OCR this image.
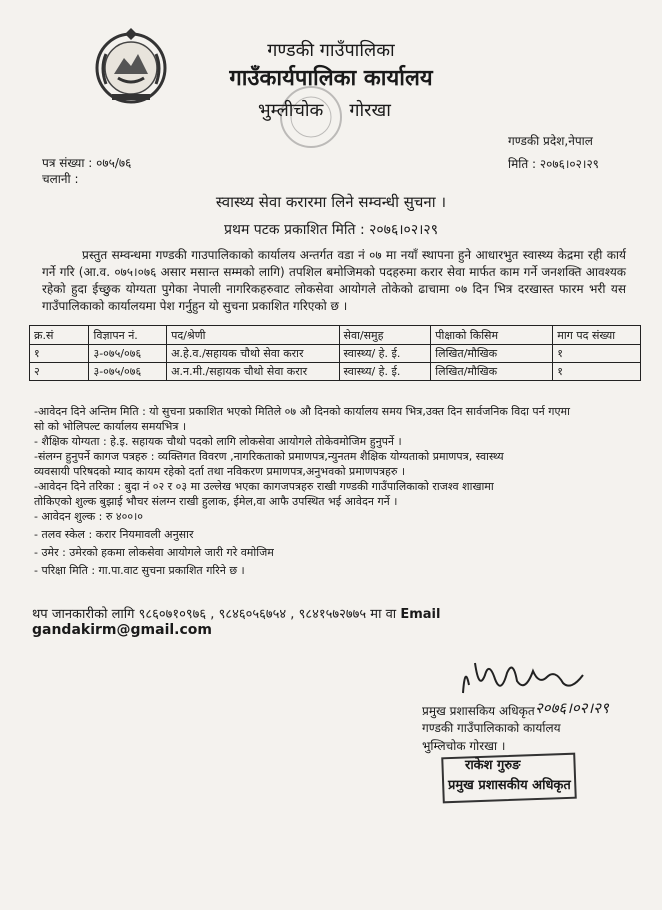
गण्डकी गाउँपालिका
गाउँकार्यपालिका कार्यालय
भुम्लीचोक गोरखा
गण्डकी प्रदेश,नेपाल
मिति : २०७६।०२।२९
पत्र संख्या : ०७५/७६
चलानी :
स्वास्थ्य सेवा करारमा लिने सम्वन्धी सुचना ।
प्रथम पटक प्रकाशित मिति : २०७६।०२।२९
प्रस्तुत सम्वन्धमा गण्डकी गाउपालिकाको कार्यालय अन्तर्गत वडा नं ०७ मा नयाँ स्थापना हुने आधारभुत स्वास्थ्य केद्रमा रही कार्य गर्ने गरि (आ.व. ०७५।०७६ असार मसान्त सम्मको लागि) तपशिल बमोजिमको पदहरुमा करार सेवा मार्फत काम गर्ने जनशक्ति आवश्यक रहेको हुदा ईच्छुक योग्यता पुगेका नेपाली नागरिकहरुवाट लोकसेवा आयोगले तोकेको ढाचामा ०७ दिन भित्र दरखास्त फारम भरी यस गाउँपालिकाको कार्यालयमा पेश गर्नुहुन यो सुचना प्रकाशित गरिएको छ ।
क्र.सं	विज्ञापन नं.	पद/श्रेणी	सेवा/समुह	पीक्षाको किसिम	माग पद संख्या
१	३-०७५/०७६	अ.हे.व./सहायक चौथो सेवा करार	स्वास्थ्य/ हे. ई.	लिखित/मौखिक	१
२	३-०७५/०७६	अ.न.मी./सहायक चौथो सेवा करार	स्वास्थ्य/ हे. ई.	लिखित/मौखिक	१
-आवेदन दिने अन्तिम मिति : यो सुचना प्रकाशित भएको मितिले ०७ औ दिनको कार्यालय समय भित्र,उक्त दिन सार्वजनिक विदा पर्न गएमा
सो को भोलिपल्ट कार्यालय समयभित्र ।
- शैक्षिक योग्यता : हे.इ. सहायक चौथो पदको लागि लोकसेवा आयोगले तोकेवमोजिम हुनुपर्ने ।
-संलग्न हुनुपर्ने कागज पत्रहरु : व्यक्तिगत विवरण ,नागरिकताको प्रमाणपत्र,न्युनतम शैक्षिक योग्यताको प्रमाणपत्र, स्वास्थ्य
व्यवसायी परिषदको म्याद कायम रहेको दर्ता तथा नविकरण प्रमाणपत्र,अनुभवको प्रमाणपत्रहरु ।
-आवेदन दिने तरिका : बुदा नं ०२ र ०३ मा उल्लेख भएका कागजपत्रहरु राखी गण्डकी गाउँपालिकाको राजश्व शाखामा
तोकिएको शुल्क बुझाई भौचर संलग्न राखी हुलाक, ईमेल,वा आफै उपस्थित भई आवेदन गर्ने ।
- आवेदन शुल्क : रु ४००।०
- तलव स्केल : करार नियमावली अनुसार
- उमेर : उमेरको हकमा लोकसेवा आयोगले जारी गरे वमोजिम
- परिक्षा मिति : गा.पा.वाट सुचना प्रकाशित गरिने छ ।
थप जानकारीको लागि ९८६०७१०९७६ , ९८४६०५६७५४ , ९८४१५७२७७५ मा वा Email
gandakirm@gmail.com
प्रमुख प्रशासकिय अधिकृत २०७६।०२।२९
गण्डकी गाउँपालिकाको कार्यालय
भुम्लिचोक गोरखा ।
राकेश गुरुङ
प्रमुख प्रशासकीय अधिकृत
